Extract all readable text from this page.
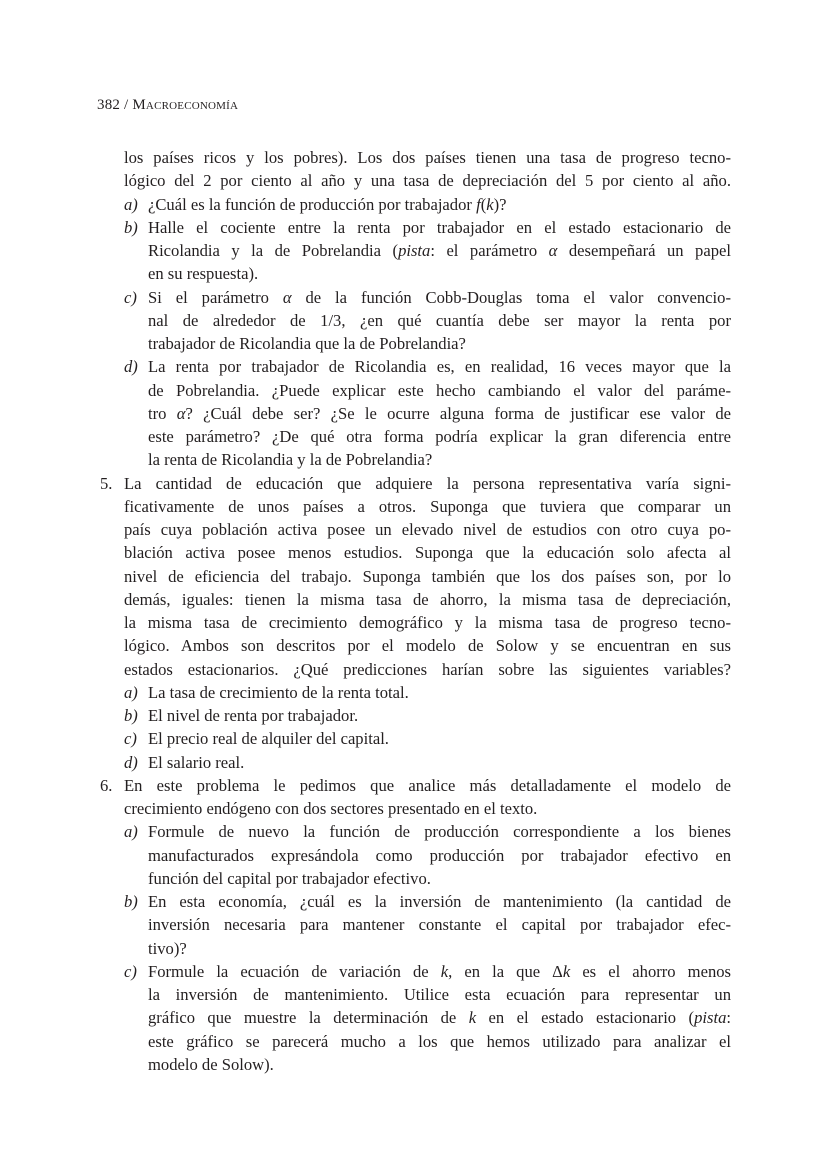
382 / Macroeconomía
los países ricos y los pobres). Los dos países tienen una tasa de progreso tecno-
lógico del 2 por ciento al año y una tasa de depreciación del 5 por ciento al año.
a) ¿Cuál es la función de producción por trabajador f(k)?
b) Halle el cociente entre la renta por trabajador en el estado estacionario de
Ricolandia y la de Pobrelandia (pista: el parámetro α desempeñará un papel
en su respuesta).
c) Si el parámetro α de la función Cobb-Douglas toma el valor convencio-
nal de alrededor de 1/3, ¿en qué cuantía debe ser mayor la renta por
trabajador de Ricolandia que la de Pobrelandia?
d) La renta por trabajador de Ricolandia es, en realidad, 16 veces mayor que la
de Pobrelandia. ¿Puede explicar este hecho cambiando el valor del paráme-
tro α? ¿Cuál debe ser? ¿Se le ocurre alguna forma de justificar ese valor de
este parámetro? ¿De qué otra forma podría explicar la gran diferencia entre
la renta de Ricolandia y la de Pobrelandia?
5. La cantidad de educación que adquiere la persona representativa varía signi-
ficativamente de unos países a otros. Suponga que tuviera que comparar un
país cuya población activa posee un elevado nivel de estudios con otro cuya po-
blación activa posee menos estudios. Suponga que la educación solo afecta al
nivel de eficiencia del trabajo. Suponga también que los dos países son, por lo
demás, iguales: tienen la misma tasa de ahorro, la misma tasa de depreciación,
la misma tasa de crecimiento demográfico y la misma tasa de progreso tecno-
lógico. Ambos son descritos por el modelo de Solow y se encuentran en sus
estados estacionarios. ¿Qué predicciones harían sobre las siguientes variables?
a) La tasa de crecimiento de la renta total.
b) El nivel de renta por trabajador.
c) El precio real de alquiler del capital.
d) El salario real.
6. En este problema le pedimos que analice más detalladamente el modelo de
crecimiento endógeno con dos sectores presentado en el texto.
a) Formule de nuevo la función de producción correspondiente a los bienes
manufacturados expresándola como producción por trabajador efectivo en
función del capital por trabajador efectivo.
b) En esta economía, ¿cuál es la inversión de mantenimiento (la cantidad de
inversión necesaria para mantener constante el capital por trabajador efec-
tivo)?
c) Formule la ecuación de variación de k, en la que Δk es el ahorro menos
la inversión de mantenimiento. Utilice esta ecuación para representar un
gráfico que muestre la determinación de k en el estado estacionario (pista:
este gráfico se parecerá mucho a los que hemos utilizado para analizar el
modelo de Solow).
